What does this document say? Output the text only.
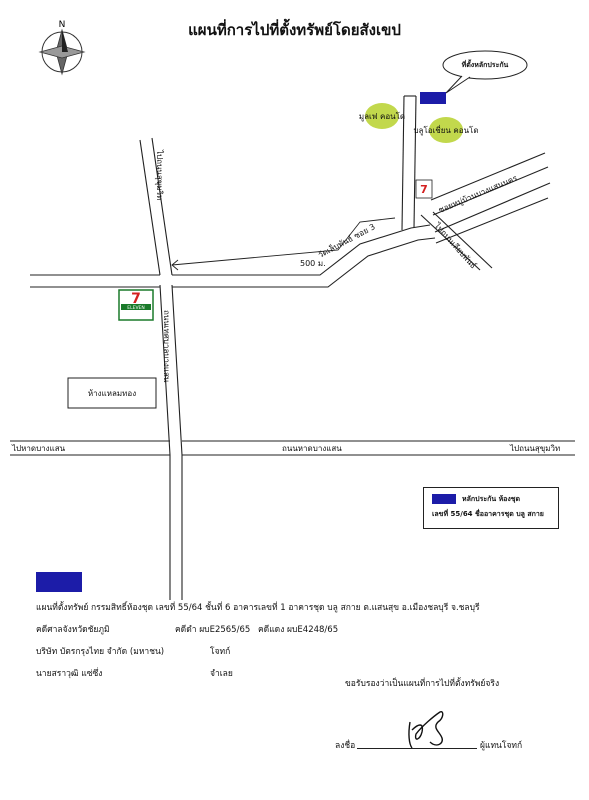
แผนที่การไปที่ตั้งทรัพย์โดยสังเขป
N
ที่ตั้งหลักประกัน
500 ม.
7
7
ELEVEN
มูลเฟ คอนโด
บลูโอเชี่ยน คอนโด
ห้างแหลมทอง
ไปถนนสุขุมวิท
ถนนเทศบาลบางแสน
วัดเล็บพันธ์ ซอย 3	ไปถนนเลียบพันธ์
ซอยหมู่บ้านบางแสนนคร
ถนนหาดบางแสน
ไปหาดบางแสน	ไปถนนสุขุมวิท
หลักประกัน ห้องชุด
เลขที่ 55/64 ชื่ออาคารชุด บลู สกาย
แผนที่ตั้งทรัพย์ กรรมสิทธิ์ห้องชุด เลขที่ 55/64 ชั้นที่ 6 อาคารเลขที่ 1 อาคารชุด บลู สกาย ต.แสนสุข อ.เมืองชลบุรี จ.ชลบุรี
คดีศาลจังหวัดชัยภูมิ	คดีดำ ผบE2565/65 คดีแดง ผบE4248/65
บริษัท บัตรกรุงไทย จำกัด (มหาชน)	โจทก์
นายสราวุฒิ แซ่ซึ่ง	จำเลย
ขอรับรองว่าเป็นแผนที่การไปที่ตั้งทรัพย์จริง
ลงชื่อ	ผู้แทนโจทก์
